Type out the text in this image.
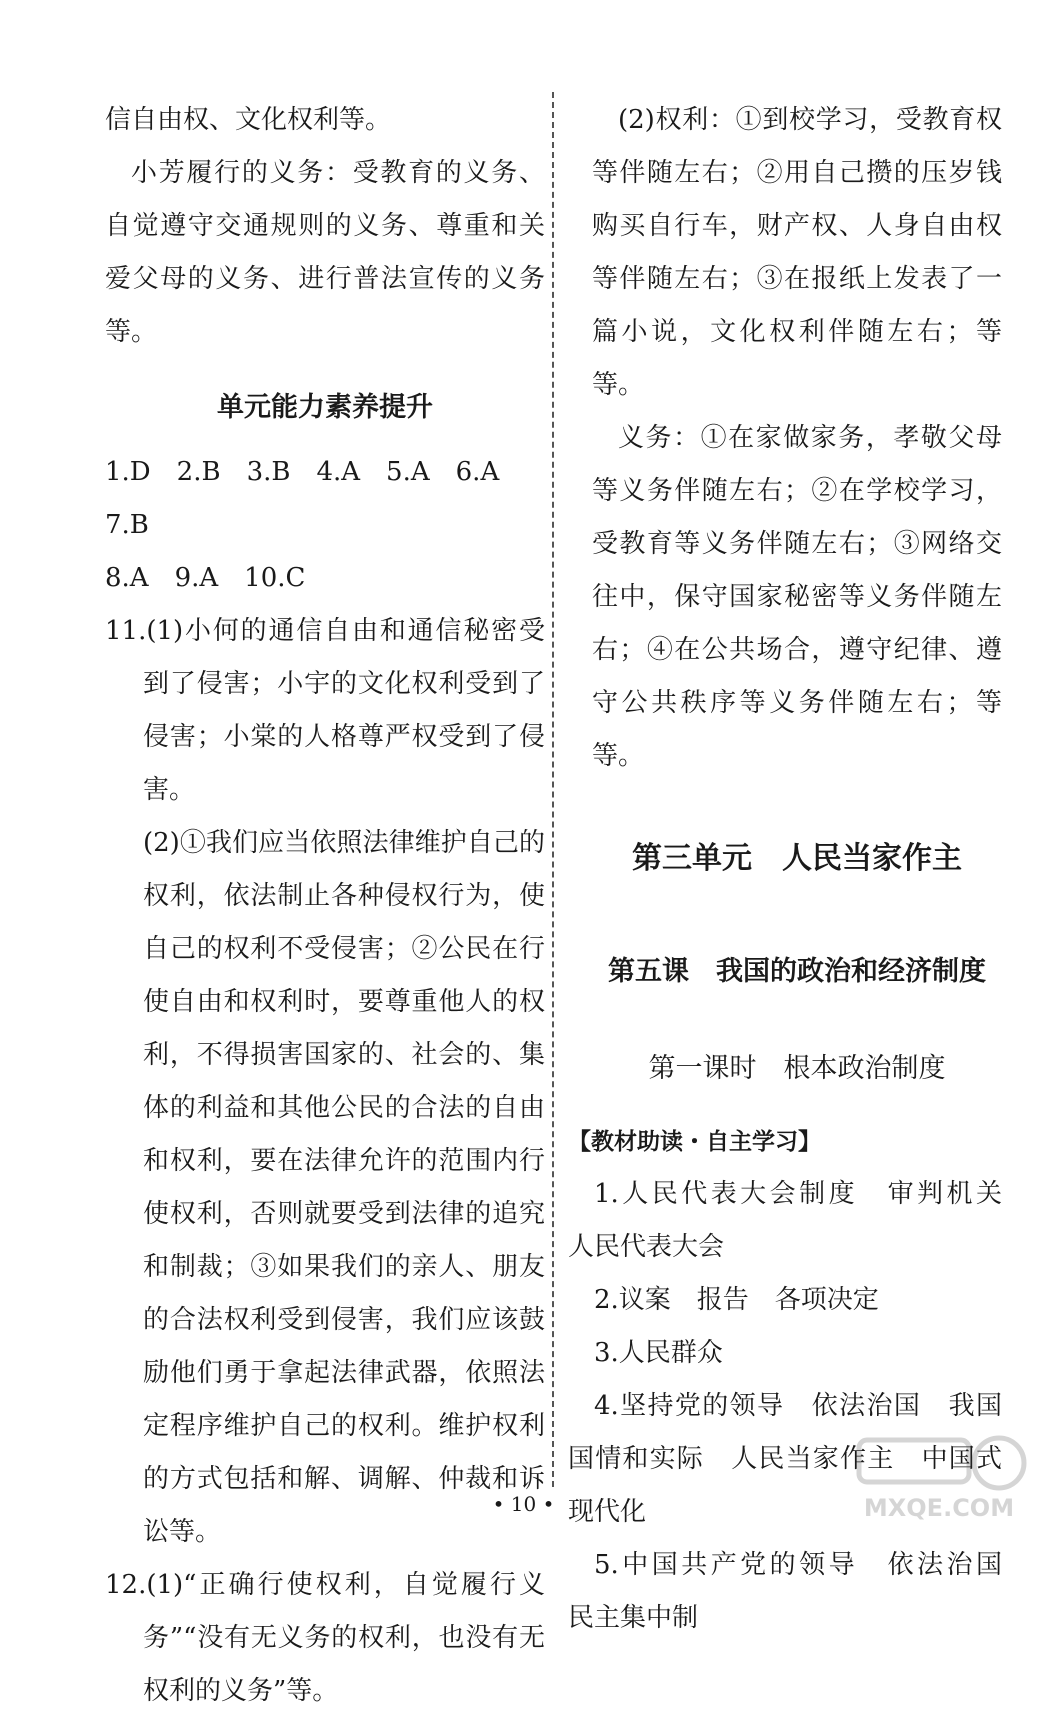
信自由权、文化权利等。

小芳履行的义务：受教育的义务、自觉遵守交通规则的义务、尊重和关爱父母的义务、进行普法宣传的义务等。

单元能力素养提升

1.D　2.B　3.B　4.A　5.A　6.A　7.B

8.A　9.A　10.C

11.(1)小何的通信自由和通信秘密受到了侵害；小宇的文化权利受到了侵害；小棠的人格尊严权受到了侵害。

(2)①我们应当依照法律维护自己的权利，依法制止各种侵权行为，使自己的权利不受侵害；②公民在行使自由和权利时，要尊重他人的权利，不得损害国家的、社会的、集体的利益和其他公民的合法的自由和权利，要在法律允许的范围内行使权利，否则就要受到法律的追究和制裁；③如果我们的亲人、朋友的合法权利受到侵害，我们应该鼓励他们勇于拿起法律武器，依照法定程序维护自己的权利。维护权利的方式包括和解、调解、仲裁和诉讼等。

12.(1)“正确行使权利，自觉履行义务”“没有无义务的权利，也没有无权利的义务”等。

(2)权利：①到校学习，受教育权等伴随左右；②用自己攒的压岁钱购买自行车，财产权、人身自由权等伴随左右；③在报纸上发表了一篇小说，文化权利伴随左右；等等。

义务：①在家做家务，孝敬父母等义务伴随左右；②在学校学习，受教育等义务伴随左右；③网络交往中，保守国家秘密等义务伴随左右；④在公共场合，遵守纪律、遵守公共秩序等义务伴随左右；等等。

第三单元　人民当家作主

第五课　我国的政治和经济制度

第一课时　根本政治制度

【教材助读・自主学习】

1.人民代表大会制度　审判机关　人民代表大会

2.议案　报告　各项决定

3.人民群众

4.坚持党的领导　依法治国　我国国情和实际　人民当家作主　中国式现代化

5.中国共产党的领导　依法治国　民主集中制

• 10 •	MXQE.COM
